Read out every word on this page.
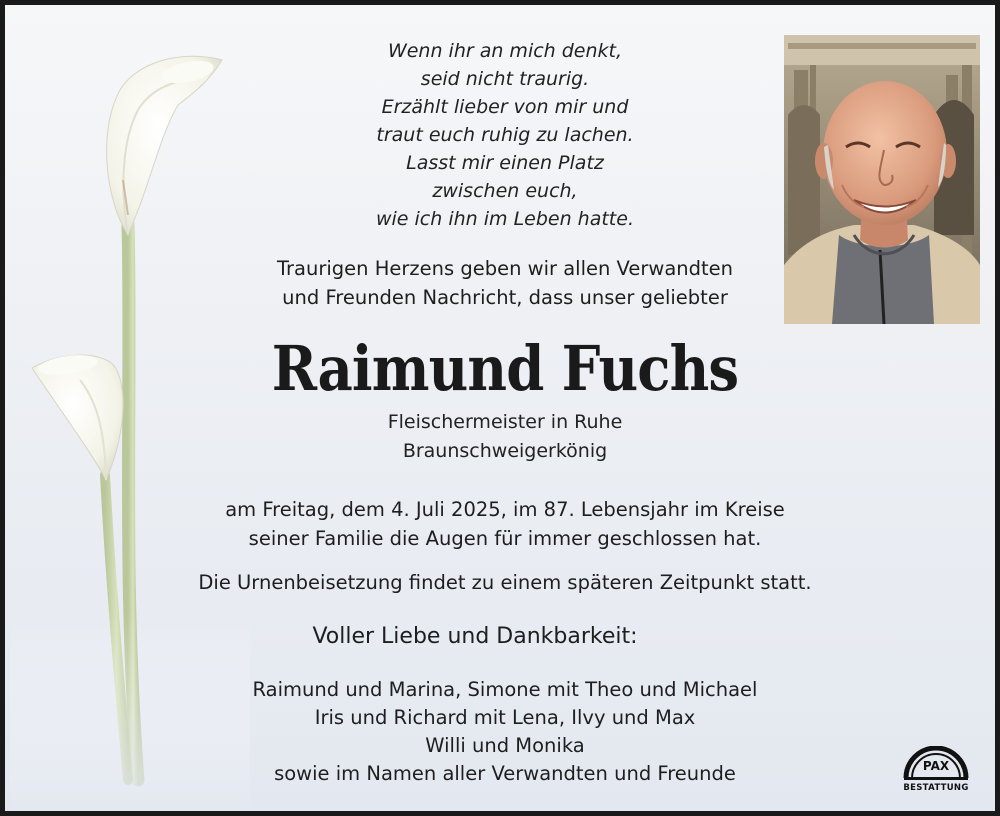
Wenn ihr an mich denkt,
seid nicht traurig.
Erzählt lieber von mir und
traut euch ruhig zu lachen.
Lasst mir einen Platz
zwischen euch,
wie ich ihn im Leben hatte.
Traurigen Herzens geben wir allen Verwandten
und Freunden Nachricht, dass unser geliebter
Raimund Fuchs
Fleischermeister in Ruhe
Braunschweigerkönig
am Freitag, dem 4. Juli 2025, im 87. Lebensjahr im Kreise
seiner Familie die Augen für immer geschlossen hat.
Die Urnenbeisetzung findet zu einem späteren Zeitpunkt statt.
Voller Liebe und Dankbarkeit:
Raimund und Marina, Simone mit Theo und Michael
Iris und Richard mit Lena, Ilvy und Max
Willi und Monika
sowie im Namen aller Verwandten und Freunde	PAX
BESTATTUNG
